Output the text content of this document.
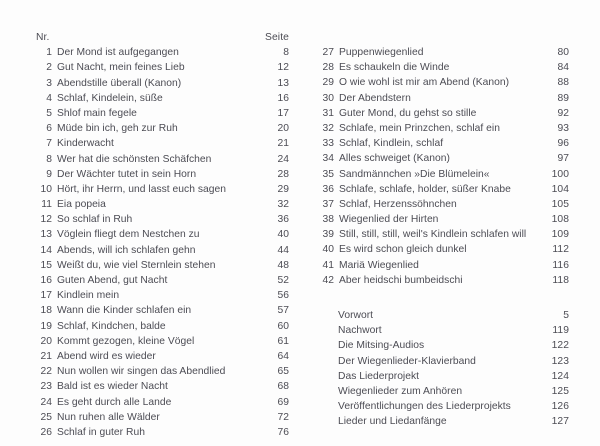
Nr.	Seite
1 Der Mond ist aufgegangen	8
2 Gut Nacht, mein feines Lieb	12
3 Abendstille überall (Kanon)	13
4 Schlaf, Kindelein, süße	16
5 Shlof main fegele	17
6 Müde bin ich, geh zur Ruh	20
7 Kinderwacht	21
8 Wer hat die schönsten Schäfchen	24
9 Der Wächter tutet in sein Horn	28
10 Hört, ihr Herrn, und lasst euch sagen	29
11 Eia popeia	32
12 So schlaf in Ruh	36
13 Vöglein fliegt dem Nestchen zu	40
14 Abends, will ich schlafen gehn	44
15 Weißt du, wie viel Sternlein stehen	48
16 Guten Abend, gut Nacht	52
17 Kindlein mein	56
18 Wann die Kinder schlafen ein	57
19 Schlaf, Kindchen, balde	60
20 Kommt gezogen, kleine Vögel	61
21 Abend wird es wieder	64
22 Nun wollen wir singen das Abendlied	65
23 Bald ist es wieder Nacht	68
24 Es geht durch alle Lande	69
25 Nun ruhen alle Wälder	72
26 Schlaf in guter Ruh	76
27 Puppenwiegenlied	80
28 Es schaukeln die Winde	84
29 O wie wohl ist mir am Abend (Kanon)	88
30 Der Abendstern	89
31 Guter Mond, du gehst so stille	92
32 Schlafe, mein Prinzchen, schlaf ein	93
33 Schlaf, Kindlein, schlaf	96
34 Alles schweiget (Kanon)	97
35 Sandmännchen »Die Blümelein«	100
36 Schlafe, schlafe, holder, süßer Knabe	104
37 Schlaf, Herzenssöhnchen	105
38 Wiegenlied der Hirten	108
39 Still, still, still, weil's Kindlein schlafen will	109
40 Es wird schon gleich dunkel	112
41 Mariä Wiegenlied	116
42 Aber heidschi bumbeidschi	118
Vorwort	5
Nachwort	119
Die Mitsing-Audios	122
Der Wiegenlieder-Klavierband	123
Das Liederprojekt	124
Wiegenlieder zum Anhören	125
Veröffentlichungen des Liederprojekts	126
Lieder und Liedanfänge	127
